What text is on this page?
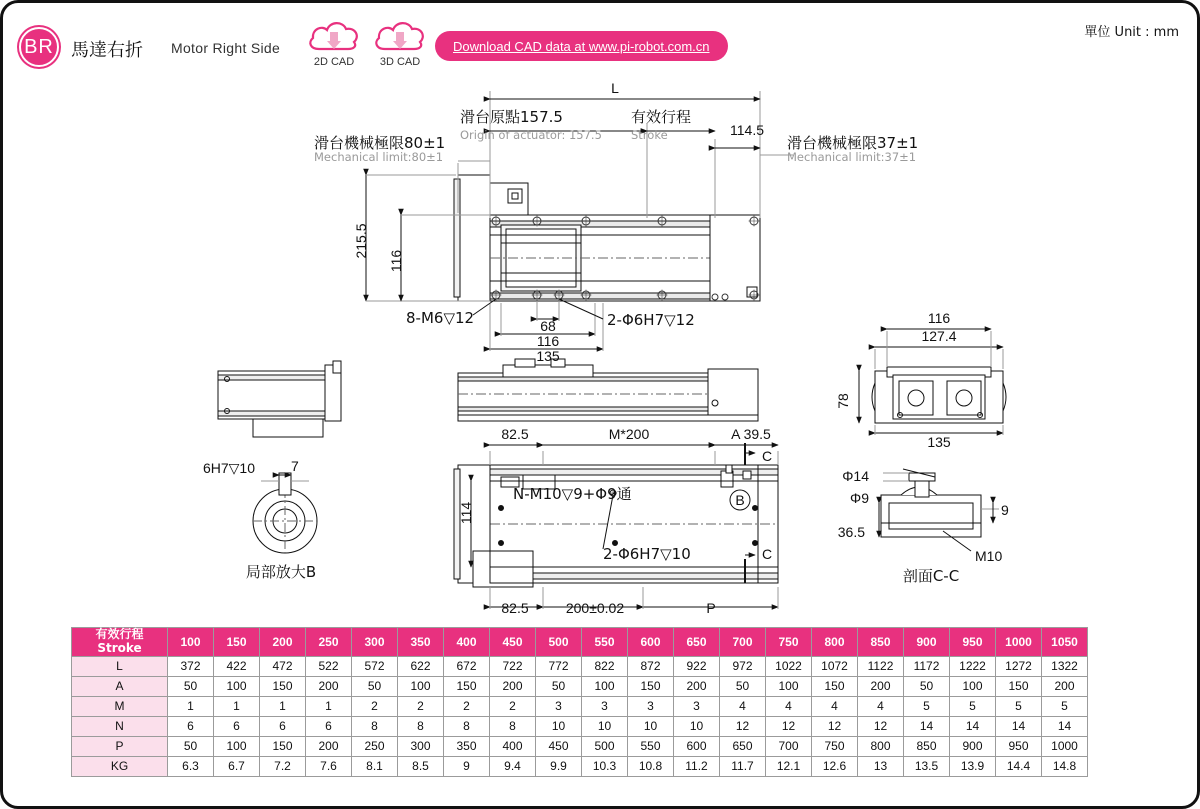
BR 馬達右折 Motor Right Side
2D CAD	3D CAD
Download CAD data at www.pi-robot.com.cn
單位 Unit : mm
L
114.5
215.5
116
68
116
135
82.5	M*200	A 39.5
114
82.5	200±0.02	P
C
C
B
116
127.4
78
135
Φ9
Φ14
36.5
9
M10
7
6H7▽10
滑台原點157.5	有效行程
滑台機械極限80±1	滑台機械極限37±1
局部放大B	剖面C-C
8-M6▽12	2-Φ6H7▽12
N-M10▽9+Φ9通
2-Φ6H7▽10
Origin of actuator: 157.5	Stroke
Mechanical limit:80±1	Mechanical limit:37±1
有效行程
Stroke	100	150	200	250	300	350	400	450	500	550	600	650	700	750	800	850	900	950	1000	1050
L	372	422	472	522	572	622	672	722	772	822	872	922	972	1022	1072	1122	1172	1222	1272	1322
A	50	100	150	200	50	100	150	200	50	100	150	200	50	100	150	200	50	100	150	200
M	1	1	1	1	2	2	2	2	3	3	3	3	4	4	4	4	5	5	5	5
N	6	6	6	6	8	8	8	8	10	10	10	10	12	12	12	12	14	14	14	14
P	50	100	150	200	250	300	350	400	450	500	550	600	650	700	750	800	850	900	950	1000
KG	6.3	6.7	7.2	7.6	8.1	8.5	9	9.4	9.9	10.3	10.8	11.2	11.7	12.1	12.6	13	13.5	13.9	14.4	14.8
